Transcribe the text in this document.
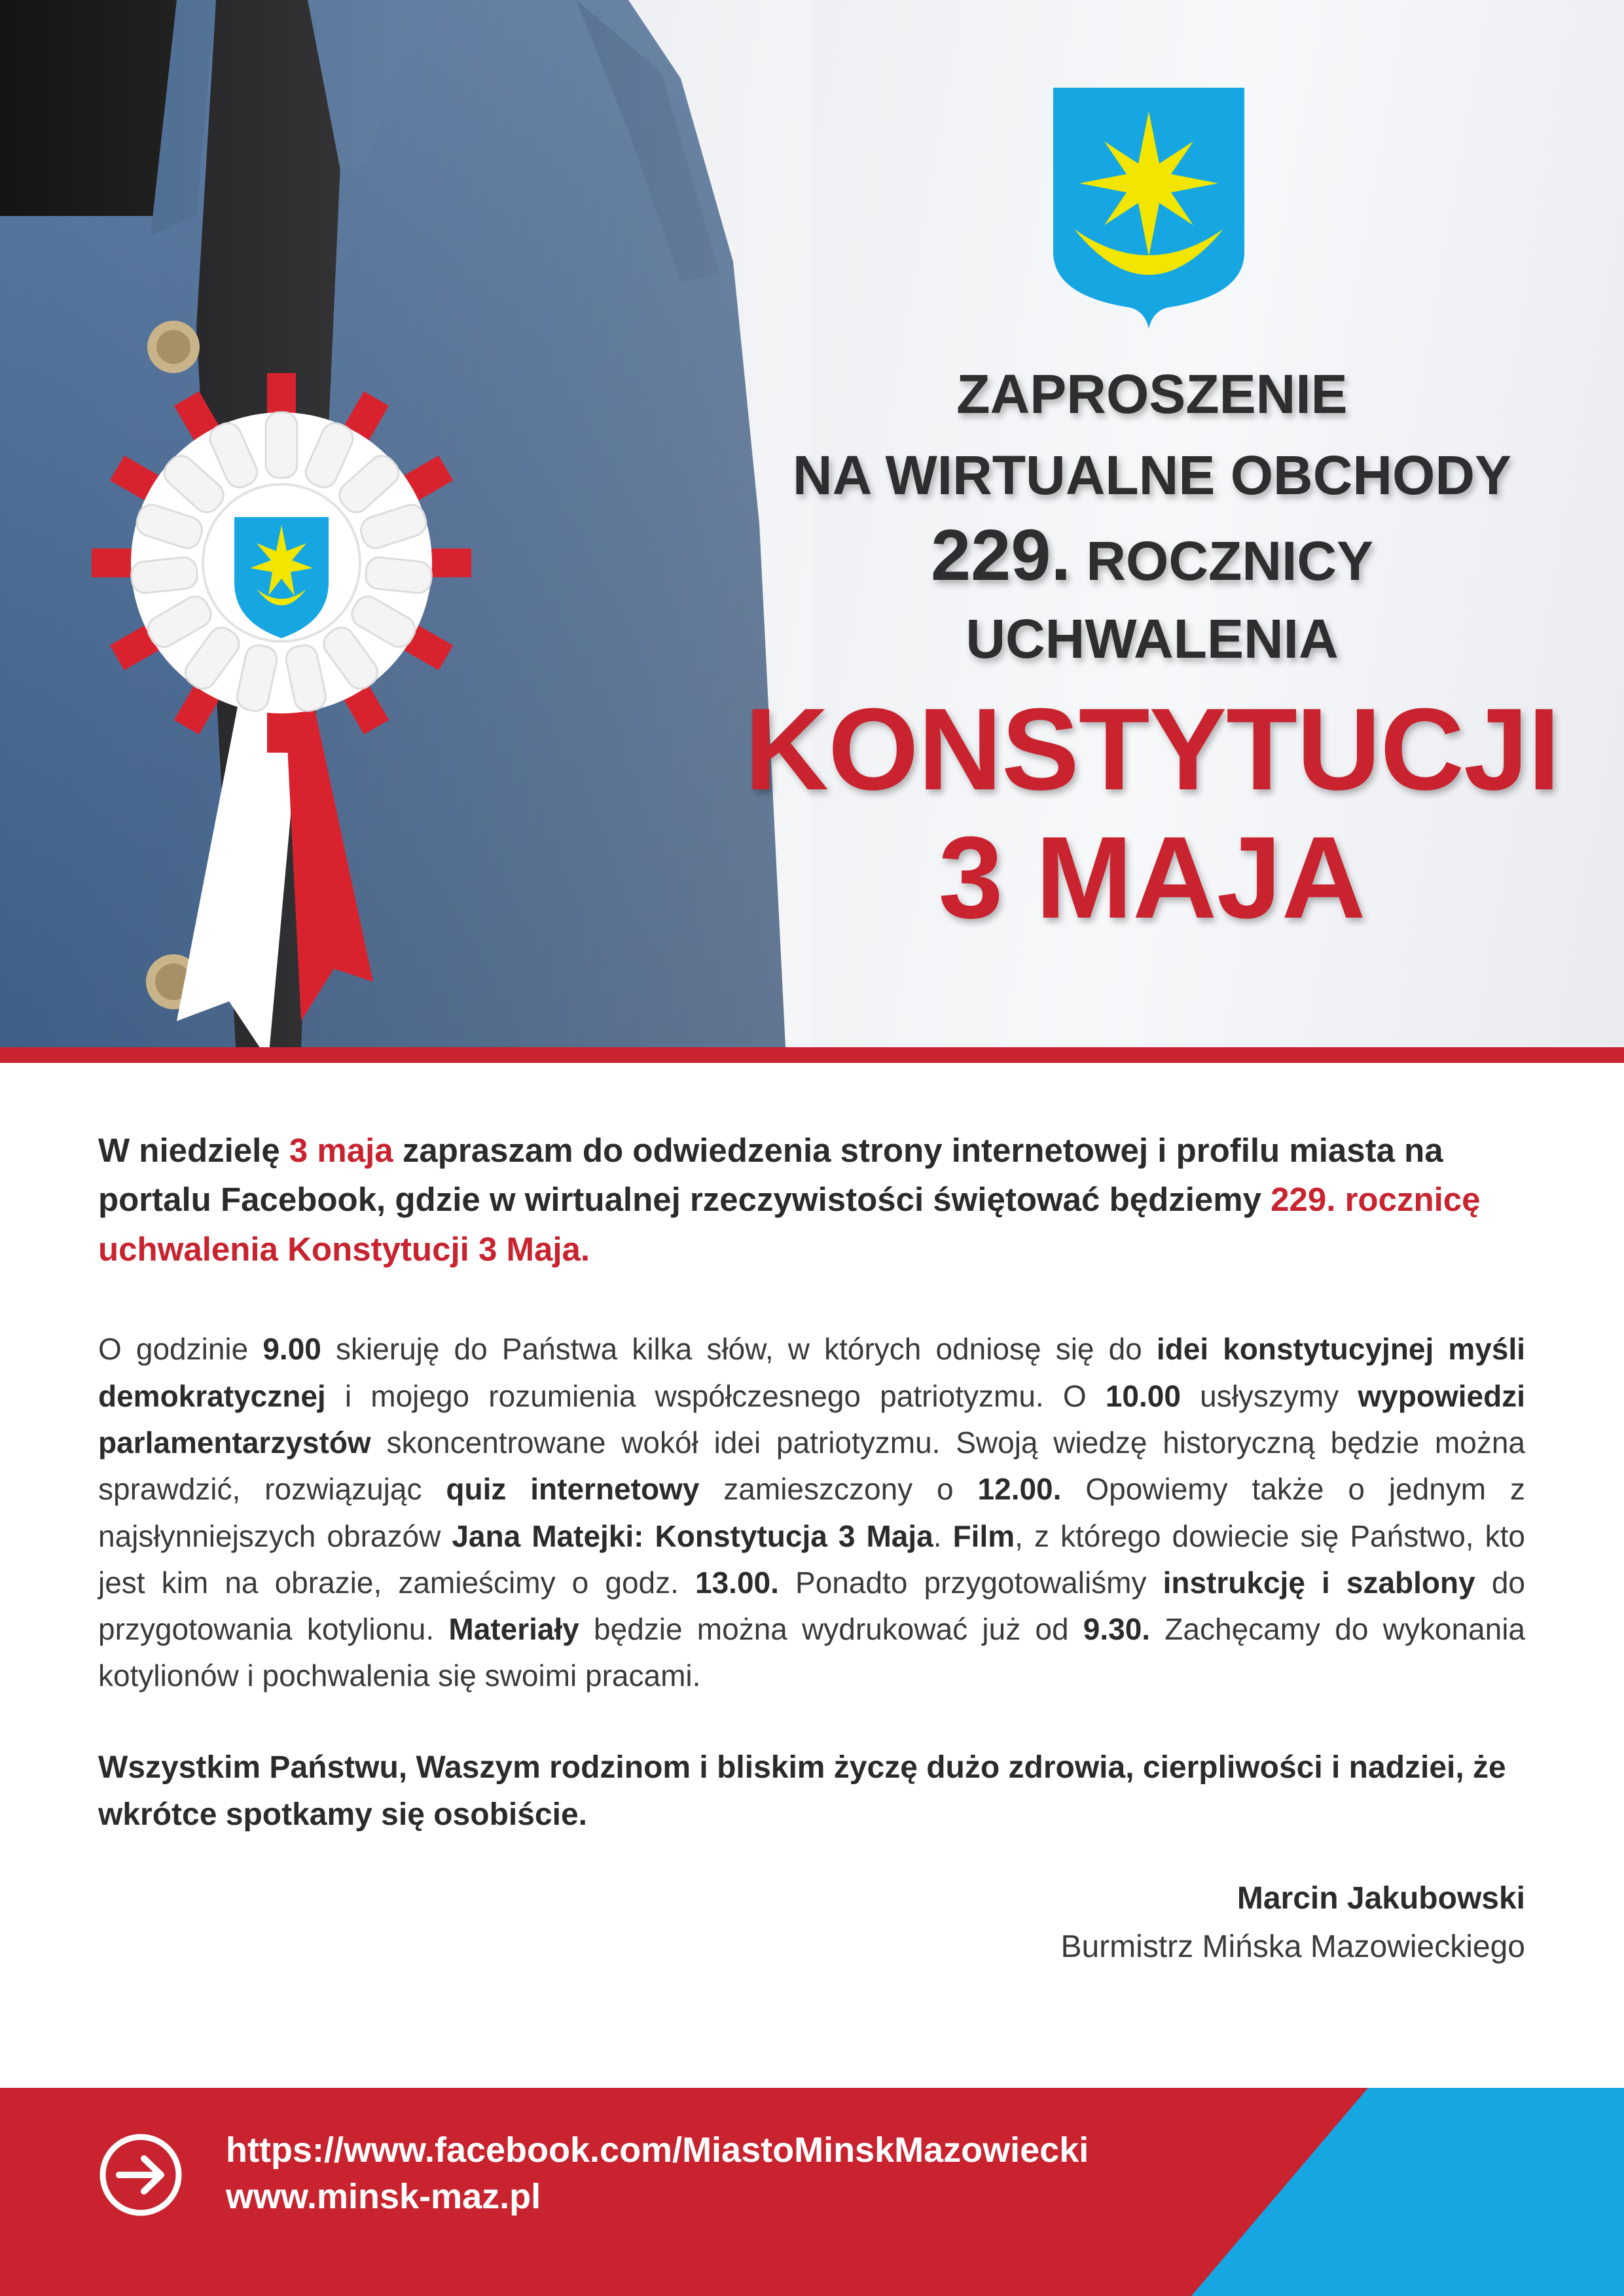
ZAPROSZENIE
NA WIRTUALNE OBCHODY
229. ROCZNICY
UCHWALENIA
KONSTYTUCJI
3 MAJA

W niedzielę 3 maja zapraszam do odwiedzenia strony internetowej i profilu miasta na portalu Facebook, gdzie w wirtualnej rzeczywistości świętować będziemy 229. rocznicę uchwalenia Konstytucji 3 Maja.

O godzinie 9.00 skieruję do Państwa kilka słów, w których odniosę się do idei konstytucyjnej myśli demokratycznej i mojego rozumienia współczesnego patriotyzmu. O 10.00 usłyszymy wypowiedzi parlamentarzystów skoncentrowane wokół idei patriotyzmu. Swoją wiedzę historyczną będzie można sprawdzić, rozwiązując quiz internetowy zamieszczony o 12.00. Opowiemy także o jednym z najsłynniejszych obrazów Jana Matejki: Konstytucja 3 Maja. Film, z którego dowiecie się Państwo, kto jest kim na obrazie, zamieścimy o godz. 13.00. Ponadto przygotowaliśmy instrukcję i szablony do przygotowania kotylionu. Materiały będzie można wydrukować już od 9.30. Zachęcamy do wykonania kotylionów i pochwalenia się swoimi pracami.

Wszystkim Państwu, Waszym rodzinom i bliskim życzę dużo zdrowia, cierpliwości i nadziei, że wkrótce spotkamy się osobiście.

Marcin Jakubowski
Burmistrz Mińska Mazowieckiego
https://www.facebook.com/MiastoMinskMazowiecki
www.minsk-maz.pl
